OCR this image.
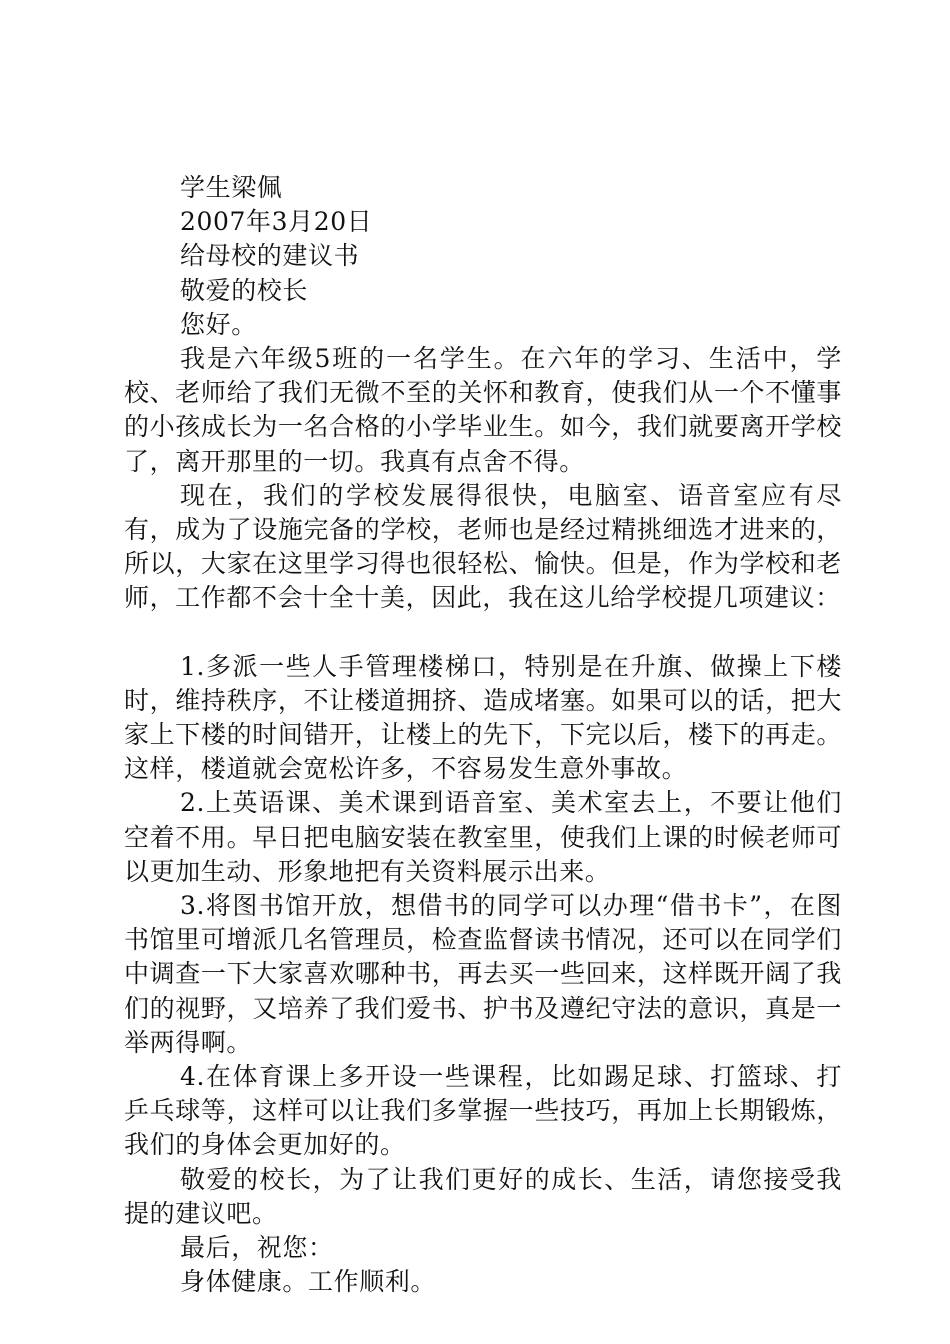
学生梁佩

2007年3月20日

给母校的建议书

敬爱的校长

您好。

我是六年级5班的一名学生。在六年的学习、生活中，学校、老师给了我们无微不至的关怀和教育，使我们从一个不懂事的小孩成长为一名合格的小学毕业生。如今，我们就要离开学校了，离开那里的一切。我真有点舍不得。

现在，我们的学校发展得很快，电脑室、语音室应有尽有，成为了设施完备的学校，老师也是经过精挑细选才进来的，所以，大家在这里学习得也很轻松、愉快。但是，作为学校和老师，工作都不会十全十美，因此，我在这儿给学校提几项建议：

1.多派一些人手管理楼梯口，特别是在升旗、做操上下楼时，维持秩序，不让楼道拥挤、造成堵塞。如果可以的话，把大家上下楼的时间错开，让楼上的先下，下完以后，楼下的再走。这样，楼道就会宽松许多，不容易发生意外事故。

2.上英语课、美术课到语音室、美术室去上，不要让他们空着不用。早日把电脑安装在教室里，使我们上课的时候老师可以更加生动、形象地把有关资料展示出来。

3.将图书馆开放，想借书的同学可以办理“借书卡”，在图书馆里可增派几名管理员，检查监督读书情况，还可以在同学们中调查一下大家喜欢哪种书，再去买一些回来，这样既开阔了我们的视野，又培养了我们爱书、护书及遵纪守法的意识，真是一举两得啊。

4.在体育课上多开设一些课程，比如踢足球、打篮球、打乒乓球等，这样可以让我们多掌握一些技巧，再加上长期锻炼，我们的身体会更加好的。

敬爱的校长，为了让我们更好的成长、生活，请您接受我提的建议吧。

最后，祝您：

身体健康。工作顺利。
